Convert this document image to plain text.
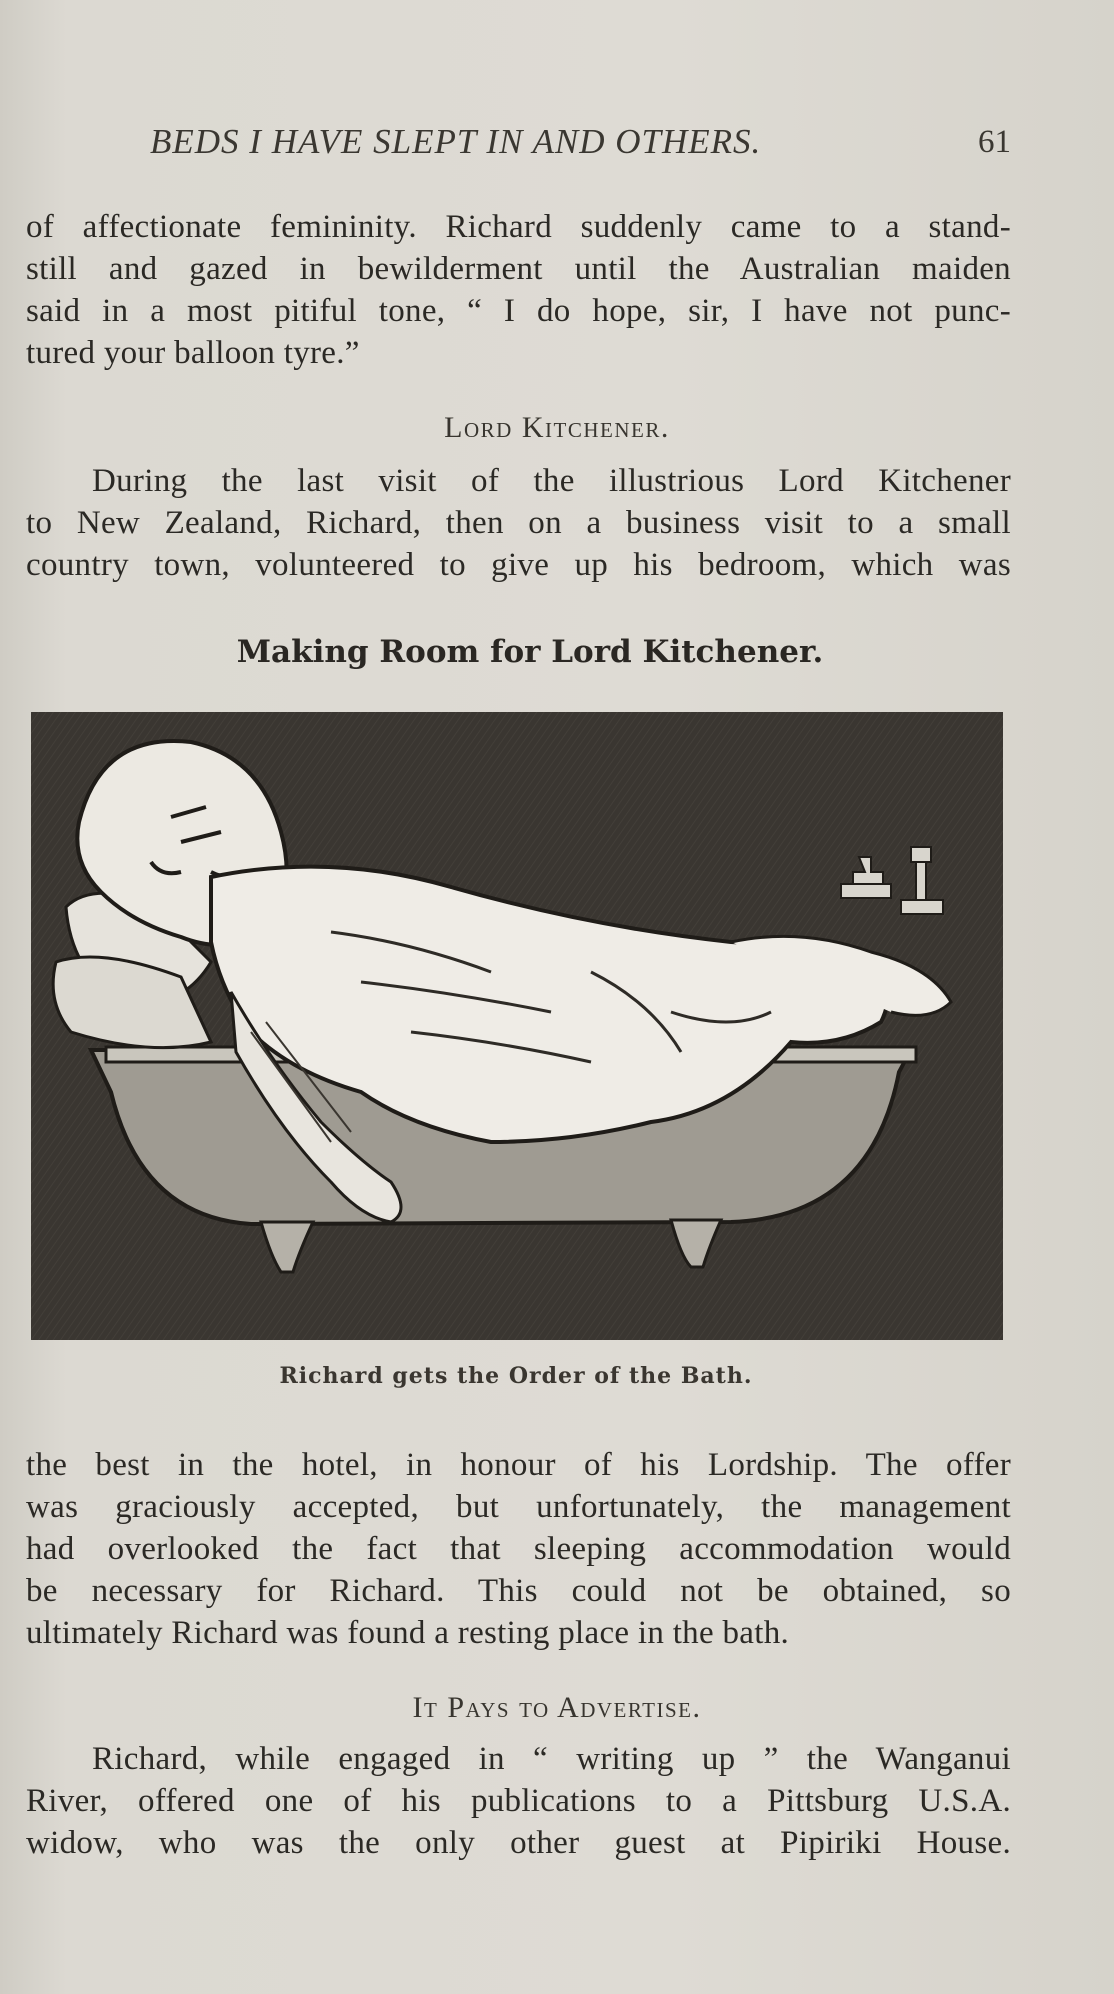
BEDS I HAVE SLEPT IN AND OTHERS.	61
of affectionate femininity. Richard suddenly came to a stand-
still and gazed in bewilderment until the Australian maiden
said in a most pitiful tone, “ I do hope, sir, I have not punc-
tured your balloon tyre.”
Lord Kitchener.
During the last visit of the illustrious Lord Kitchener
to New Zealand, Richard, then on a business visit to a small
country town, volunteered to give up his bedroom, which was
Making Room for Lord Kitchener.
Richard gets the Order of the Bath.
the best in the hotel, in honour of his Lordship. The offer
was graciously accepted, but unfortunately, the management
had overlooked the fact that sleeping accommodation would
be necessary for Richard. This could not be obtained, so
ultimately Richard was found a resting place in the bath.
It Pays to Advertise.
Richard, while engaged in “ writing up ” the Wanganui
River, offered one of his publications to a Pittsburg U.S.A.
widow, who was the only other guest at Pipiriki House.
